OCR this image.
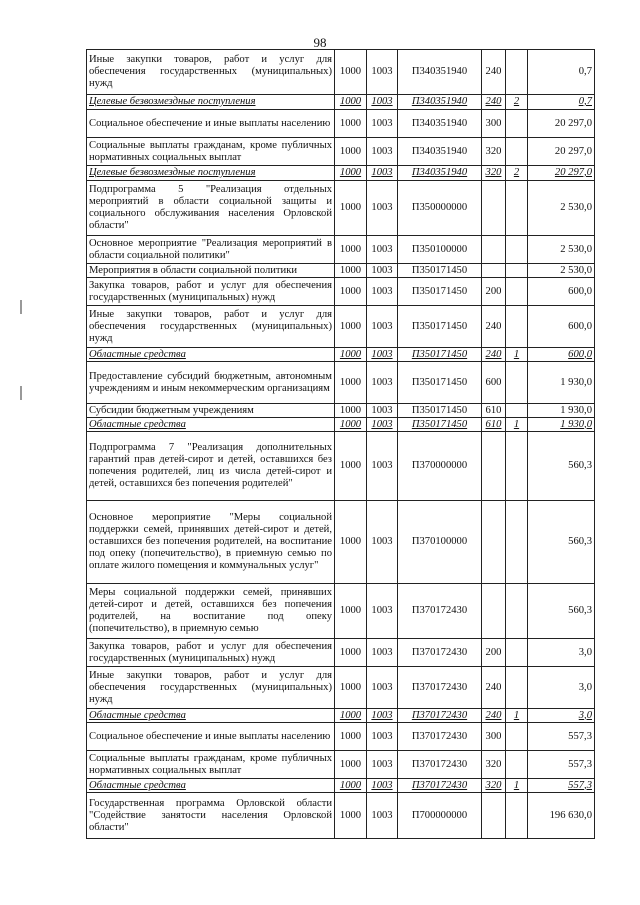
98
Иные закупки товаров, работ и услуг для обеспечения государственных (муниципальных) нужд	1000	1003	П340351940	240		0,7
Целевые безвозмездные поступления	1000	1003	П340351940	240	2	0,7
Социальное обеспечение и иные выплаты населению	1000	1003	П340351940	300		20 297,0
Социальные выплаты гражданам, кроме публичных нормативных социальных выплат	1000	1003	П340351940	320		20 297,0
Целевые безвозмездные поступления	1000	1003	П340351940	320	2	20 297,0
Подпрограмма 5 "Реализация отдельных мероприятий в области социальной защиты и социального обслуживания населения Орловской области"	1000	1003	П350000000			2 530,0
Основное мероприятие "Реализация мероприятий в области социальной политики"	1000	1003	П350100000			2 530,0
Мероприятия в области социальной политики	1000	1003	П350171450			2 530,0
Закупка товаров, работ и услуг для обеспечения государственных (муниципальных) нужд	1000	1003	П350171450	200		600,0
Иные закупки товаров, работ и услуг для обеспечения государственных (муниципальных) нужд	1000	1003	П350171450	240		600,0
Областные средства	1000	1003	П350171450	240	1	600,0
Предоставление субсидий бюджетным, автономным учреждениям и иным некоммерческим организациям	1000	1003	П350171450	600		1 930,0
Субсидии бюджетным учреждениям	1000	1003	П350171450	610		1 930,0
Областные средства	1000	1003	П350171450	610	1	1 930,0
Подпрограмма 7 "Реализация дополнительных гарантий прав детей-сирот и детей, оставшихся без попечения родителей, лиц из числа детей-сирот и детей, оставшихся без попечения родителей"	1000	1003	П370000000			560,3
Основное мероприятие "Меры социальной поддержки семей, принявших детей-сирот и детей, оставшихся без попечения родителей, на воспитание под опеку (попечительство), в приемную семью по оплате жилого помещения и коммунальных услуг"	1000	1003	П370100000			560,3
Меры социальной поддержки семей, принявших детей-сирот и детей, оставшихся без попечения родителей, на воспитание под опеку (попечительство), в приемную семью	1000	1003	П370172430			560,3
Закупка товаров, работ и услуг для обеспечения государственных (муниципальных) нужд	1000	1003	П370172430	200		3,0
Иные закупки товаров, работ и услуг для обеспечения государственных (муниципальных) нужд	1000	1003	П370172430	240		3,0
Областные средства	1000	1003	П370172430	240	1	3,0
Социальное обеспечение и иные выплаты населению	1000	1003	П370172430	300		557,3
Социальные выплаты гражданам, кроме публичных нормативных социальных выплат	1000	1003	П370172430	320		557,3
Областные средства	1000	1003	П370172430	320	1	557,3
Государственная программа Орловской области "Содействие занятости населения Орловской области"	1000	1003	П700000000			196 630,0
